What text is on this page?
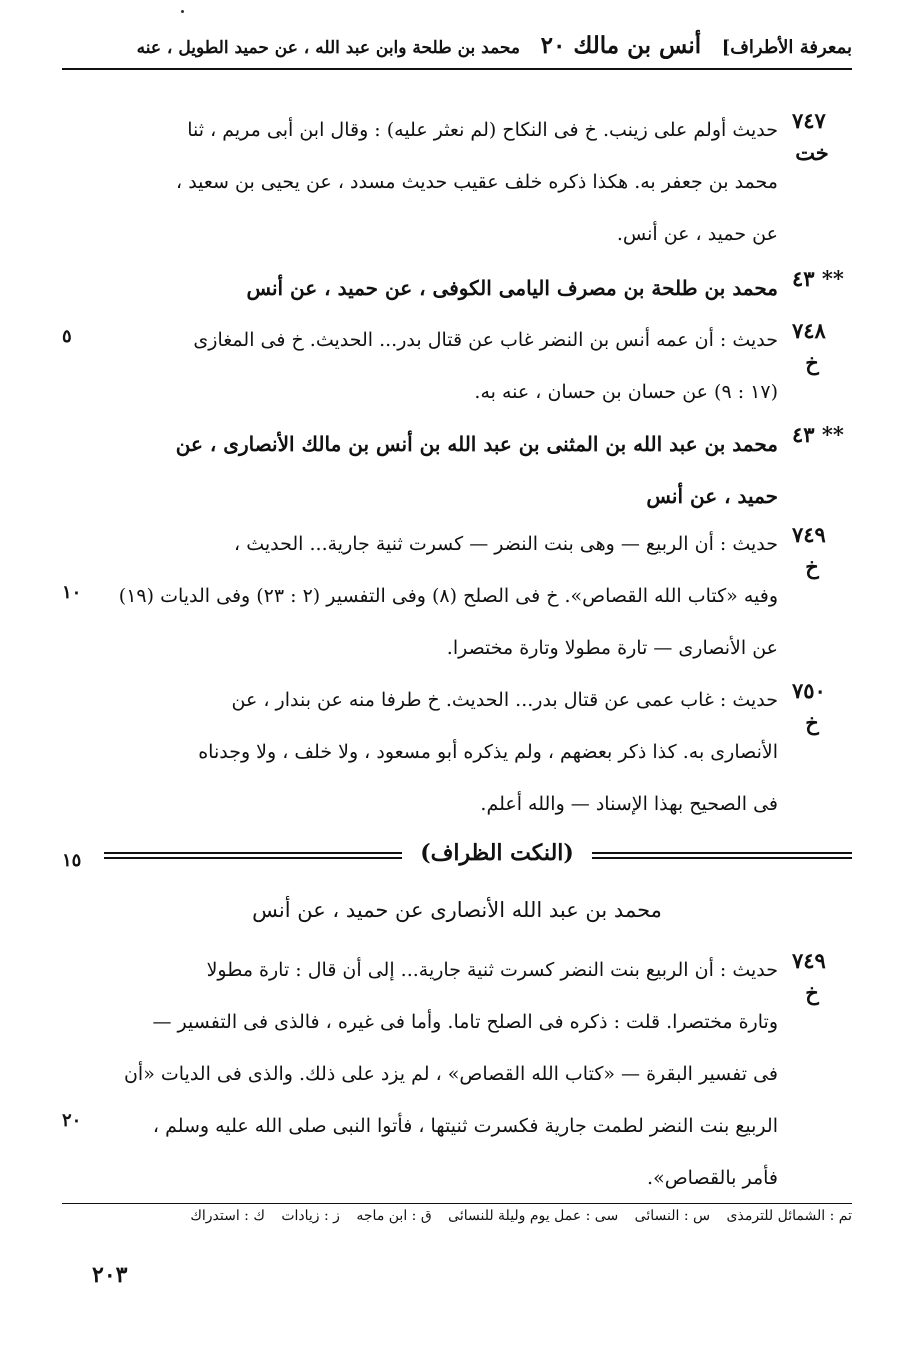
بمعرفة الأطراف] أنس بن مالك ٢٠ محمد بن طلحة وابن عبد الله ، عن حميد الطويل ، عنه
٧٤٧
خت
حديث أولم على زينب. خ فى النكاح (لم نعثر عليه) : وقال ابن أبى مريم ، ثنا
محمد بن جعفر به. هكذا ذكره خلف عقيب حديث مسدد ، عن يحيى بن سعيد ،
عن حميد ، عن أنس.
٤٣ **
محمد بن طلحة بن مصرف اليامى الكوفى ، عن حميد ، عن أنس
٧٤٨
خ
حديث : أن عمه أنس بن النضر غاب عن قتال بدر... الحديث. خ فى المغازى
(١٧ : ٩) عن حسان بن حسان ، عنه به.
٥
٤٣ **
محمد بن عبد الله بن المثنى بن عبد الله بن أنس بن مالك الأنصارى ، عن
حميد ، عن أنس
٧٤٩
خ
حديث : أن الربيع — وهى بنت النضر — كسرت ثنية جارية... الحديث ،
وفيه «كتاب الله القصاص». خ فى الصلح (٨) وفى التفسير (٢ : ٢٣) وفى الديات (١٩)
عن الأنصارى — تارة مطولا وتارة مختصرا.
١٠
٧٥٠
خ
حديث : غاب عمى عن قتال بدر... الحديث. خ طرفا منه عن بندار ، عن
الأنصارى به. كذا ذكر بعضهم ، ولم يذكره أبو مسعود ، ولا خلف ، ولا وجدناه
فى الصحيح بهذا الإسناد — والله أعلم.
(النكت الظراف)
١٥
محمد بن عبد الله الأنصارى عن حميد ، عن أنس
٧٤٩
خ
حديث : أن الربيع بنت النضر كسرت ثنية جارية... إلى أن قال : تارة مطولا
وتارة مختصرا. قلت : ذكره فى الصلح تاما. وأما فى غيره ، فالذى فى التفسير —
فى تفسير البقرة — «كتاب الله القصاص» ، لم يزد على ذلك. والذى فى الديات «أن
الربيع بنت النضر لطمت جارية فكسرت ثنيتها ، فأتوا النبى صلى الله عليه وسلم ،
فأمر بالقصاص».
٢٠
تم : الشمائل للترمذى س : النسائى سى : عمل يوم وليلة للنسائى ق : ابن ماجه ز : زيادات ك : استدراك
٢٠٣
